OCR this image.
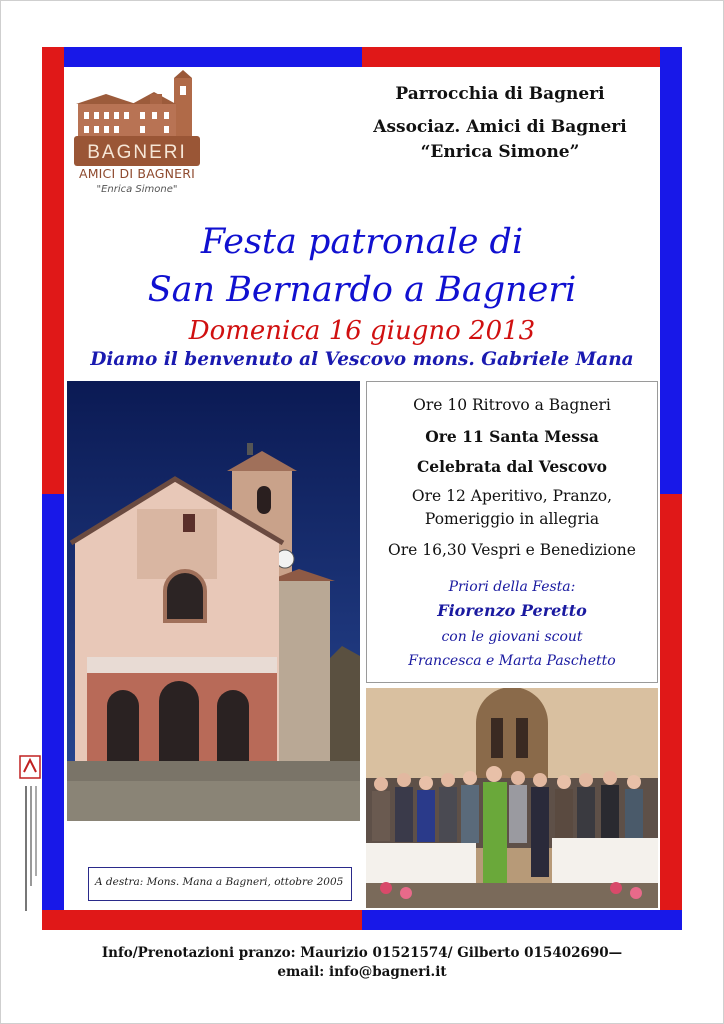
BAGNERI
AMICI DI BAGNERI
"Enrica Simone"
Parrocchia di Bagneri
Associaz. Amici di Bagneri
“Enrica Simone”
Festa patronale di
San Bernardo a Bagneri
Domenica 16 giugno 2013
Diamo il benvenuto al Vescovo mons. Gabriele Mana
Ore 10 Ritrovo a Bagneri
Ore 11 Santa Messa
Celebrata dal Vescovo
Ore 12 Aperitivo, Pranzo,
Pomeriggio in allegria
Ore 16,30 Vespri e Benedizione
Priori della Festa:
Fiorenzo Peretto
con le giovani scout
Francesca e Marta Paschetto
A destra: Mons. Mana a Bagneri, ottobre 2005
Info/Prenotazioni pranzo: Maurizio 01521574/ Gilberto 015402690—
email: info@bagneri.it
